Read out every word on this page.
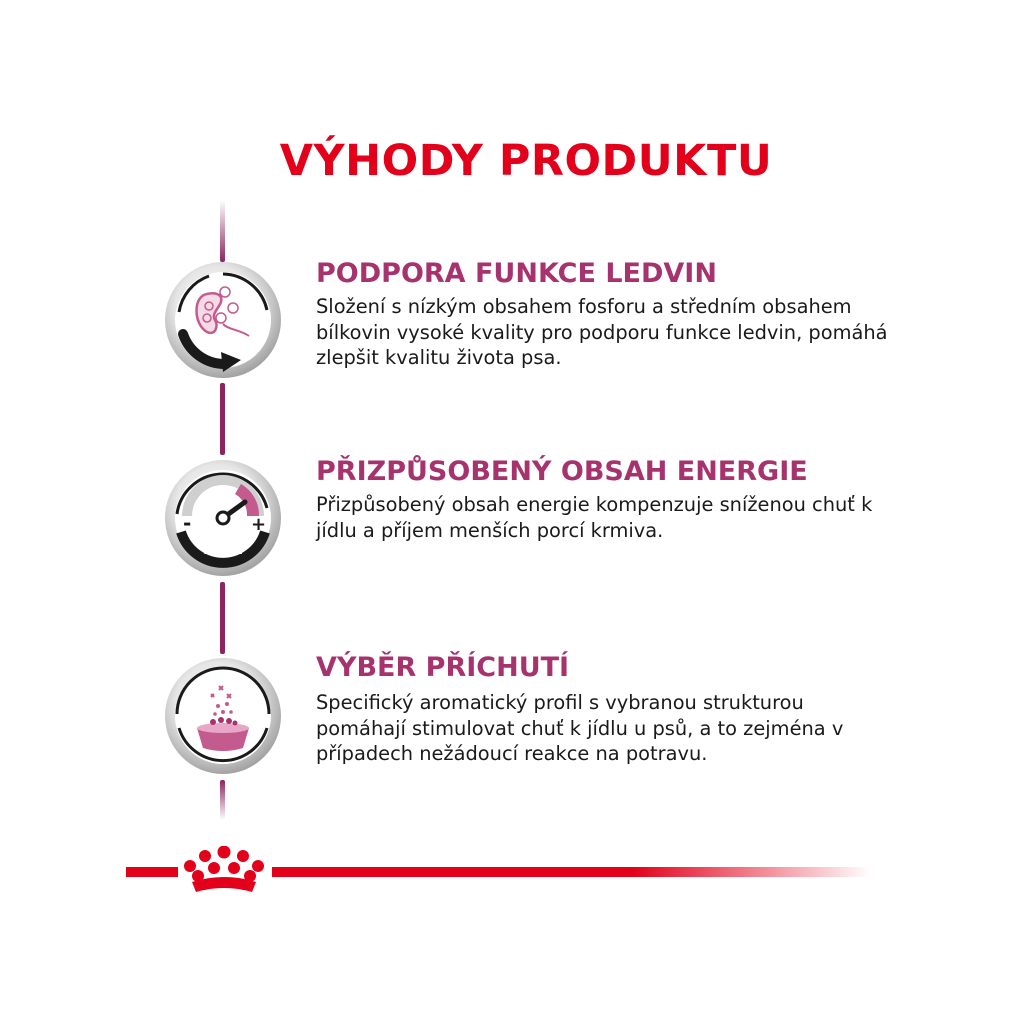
VÝHODY PRODUKTU
PODPORA FUNKCE LEDVIN

Složení s nízkým obsahem fosforu a středním obsahem
bílkovin vysoké kvality pro podporu funkce ledvin, pomáhá
zlepšit kvalitu života psa.

-	+
Kcal
PŘIZPŮSOBENÝ OBSAH ENERGIE

Přizpůsobený obsah energie kompenzuje sníženou chuť k
jídlu a příjem menších porcí krmiva.

VÝBĚR PŘÍCHUTÍ

Specifický aromatický profil s vybranou strukturou
pomáhají stimulovat chuť k jídlu u psů, a to zejména v
případech nežádoucí reakce na potravu.
